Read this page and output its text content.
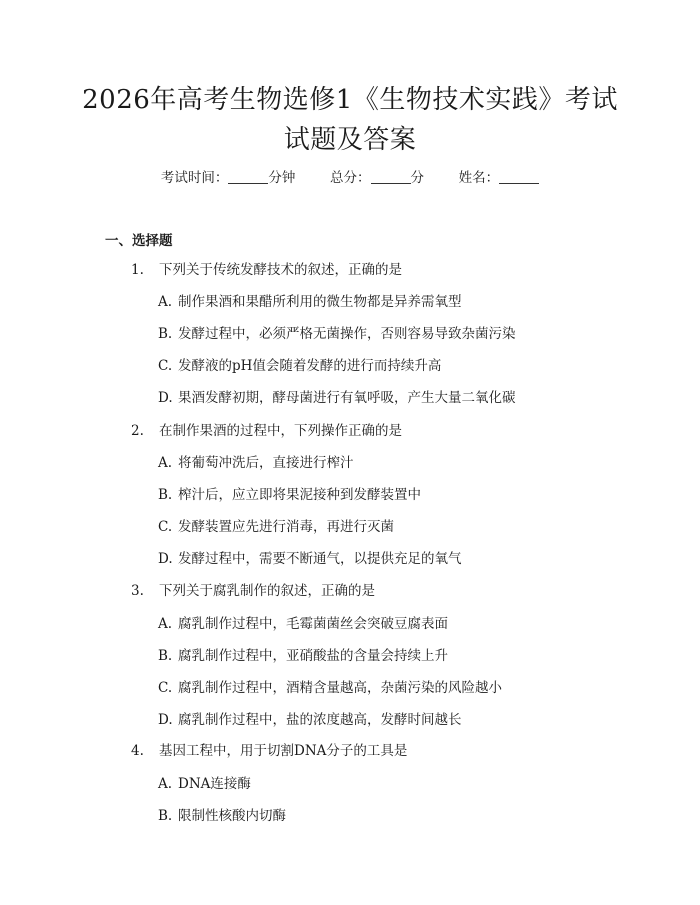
2026年高考生物选修1《生物技术实践》考试试题及答案
考试时间：	分钟	总分：	分	姓名：
一、选择题
1. 下列关于传统发酵技术的叙述，正确的是
A. 制作果酒和果醋所利用的微生物都是异养需氧型
B. 发酵过程中，必须严格无菌操作，否则容易导致杂菌污染
C. 发酵液的pH值会随着发酵的进行而持续升高
D. 果酒发酵初期，酵母菌进行有氧呼吸，产生大量二氧化碳
2. 在制作果酒的过程中，下列操作正确的是
A. 将葡萄冲洗后，直接进行榨汁
B. 榨汁后，应立即将果泥接种到发酵装置中
C. 发酵装置应先进行消毒，再进行灭菌
D. 发酵过程中，需要不断通气，以提供充足的氧气
3. 下列关于腐乳制作的叙述，正确的是
A. 腐乳制作过程中，毛霉菌菌丝会突破豆腐表面
B. 腐乳制作过程中，亚硝酸盐的含量会持续上升
C. 腐乳制作过程中，酒精含量越高，杂菌污染的风险越小
D. 腐乳制作过程中，盐的浓度越高，发酵时间越长
4. 基因工程中，用于切割DNA分子的工具是
A. DNA连接酶
B. 限制性核酸内切酶
